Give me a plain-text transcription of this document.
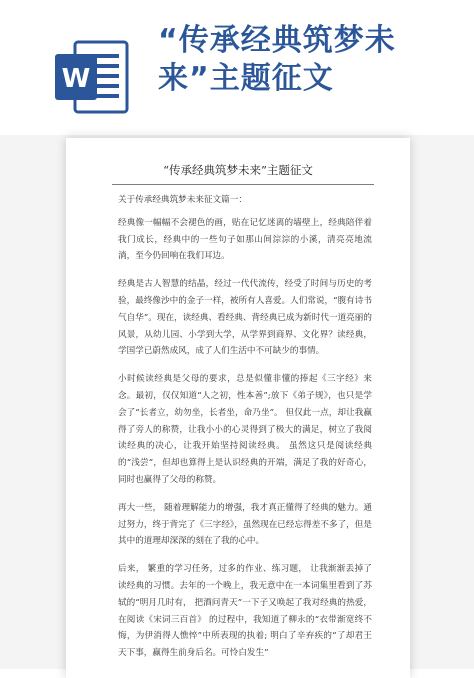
W
“传承经典筑梦未来”主题征文
“传承经典筑梦未来”主题征文

关于传承经典筑梦未来征文篇一：

经典像一幅幅不会褪色的画，贴在记忆迷离的墙壁上，经典陪伴着我门成长，经典中的一些句子如那山间淙淙的小溪，清亮亮地流淌，至今仍回响在我们耳边。

经典是古人智慧的结晶，经过一代代流传，经受了时间与历史的考验，最终像沙中的金子一样，被所有人喜爱。人们常说，“腹有诗书气自华”。现在，读经典、看经典、背经典已成为新时代一道亮丽的风景，从幼儿园、小学到大学，从学界到商界、文化界？读经典，学国学已蔚然成风，成了人们生活中不可缺少的事情。

小时候读经典是父母的要求，总是似懂非懂的捧起《三字经》来念。最初，仅仅知道“人之初，性本善”;放下《弟子规》，也只是学会了“长者立，幼勿坐，长者坐，命乃坐”。 但仅此一点，却让我赢得了旁人的称赞，让我小小的心灵得到了极大的满足，树立了我阅读经典的决心，让我开始坚持阅读经典。 虽然这只是阅读经典的“浅尝”，但却也算得上是认识经典的开端，满足了我的好奇心，同时也赢得了父母的称赞。

再大一些， 随着理解能力的增强，我才真正懂得了经典的魅力。通过努力，终于背完了《三字经》，虽然现在已经忘得差不多了，但是其中的道理却深深的刻在了我的心中。

后来， 繁重的学习任务，过多的作业、练习题， 让我渐渐丢掉了读经典的习惯。去年的一个晚上，我无意中在一本词集里看到了苏轼的“明月几时有， 把酒问青天”一下子又唤起了我对经典的热爱，在阅读《宋词三百首》 的过程中，我知道了柳永的“衣带渐宽终不悔，为伊消得人憔悴”中所表现的执着; 明白了辛弃疾的“了却君王天下事，赢得生前身后名。可怜白发生”
